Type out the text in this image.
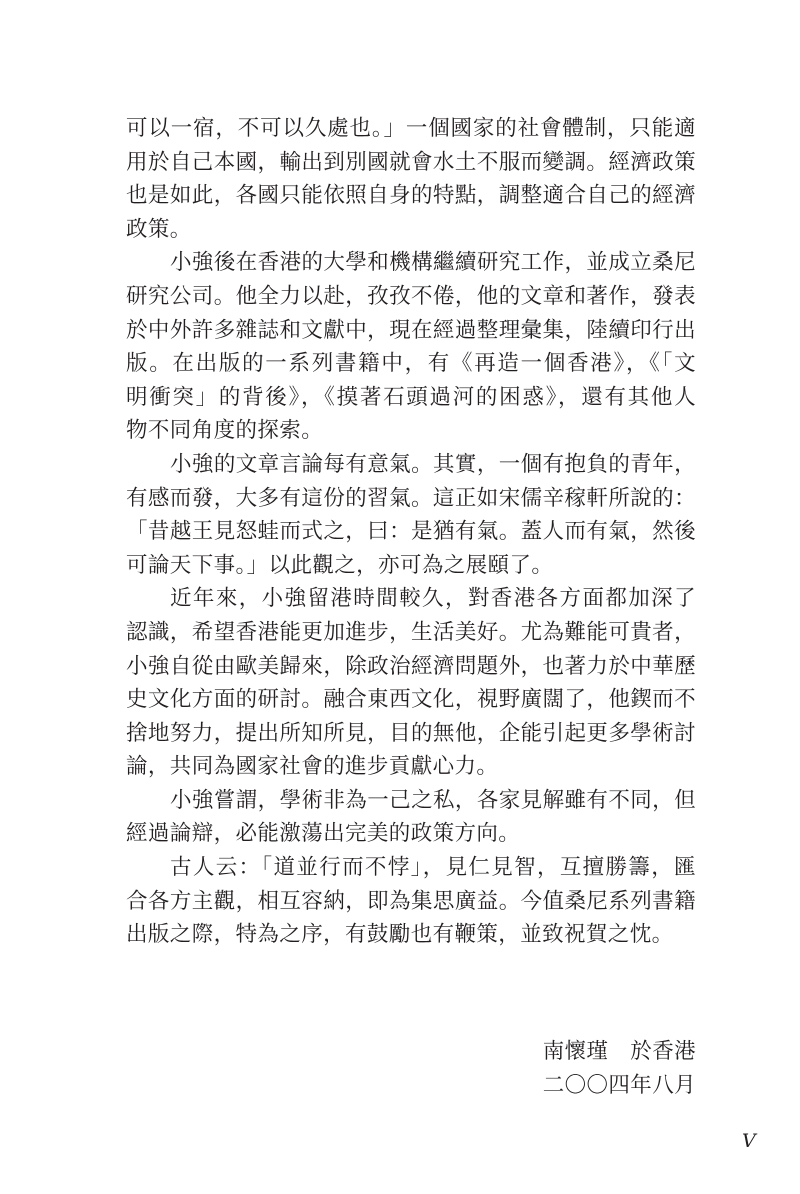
可以一宿，不可以久處也。」一個國家的社會體制，只能適
用於自己本國，輸出到別國就會水土不服而變調。經濟政策
也是如此，各國只能依照自身的特點，調整適合自己的經濟
政策。
小強後在香港的大學和機構繼續研究工作，並成立桑尼
研究公司。他全力以赴，孜孜不倦，他的文章和著作，發表
於中外許多雜誌和文獻中，現在經過整理彙集，陸續印行出
版。在出版的一系列書籍中，有《再造一個香港》，《「文
明衝突」的背後》，《摸著石頭過河的困惑》，還有其他人
物不同角度的探索。
小強的文章言論每有意氣。其實，一個有抱負的青年，
有感而發，大多有這份的習氣。這正如宋儒辛稼軒所說的：
「昔越王見怒蛙而式之，曰：是猶有氣。蓋人而有氣，然後
可論天下事。」以此觀之，亦可為之展頤了。
近年來，小強留港時間較久，對香港各方面都加深了
認識，希望香港能更加進步，生活美好。尤為難能可貴者，
小強自從由歐美歸來，除政治經濟問題外，也著力於中華歷
史文化方面的研討。融合東西文化，視野廣闊了，他鍥而不
捨地努力，提出所知所見，目的無他，企能引起更多學術討
論，共同為國家社會的進步貢獻心力。
小強嘗謂，學術非為一己之私，各家見解雖有不同，但
經過論辯，必能激蕩出完美的政策方向。
古人云：「道並行而不悖」，見仁見智，互擅勝籌，匯
合各方主觀，相互容納，即為集思廣益。今值桑尼系列書籍
出版之際，特為之序，有鼓勵也有鞭策，並致祝賀之忱。
南懷瑾　於香港
二〇〇四年八月
V
